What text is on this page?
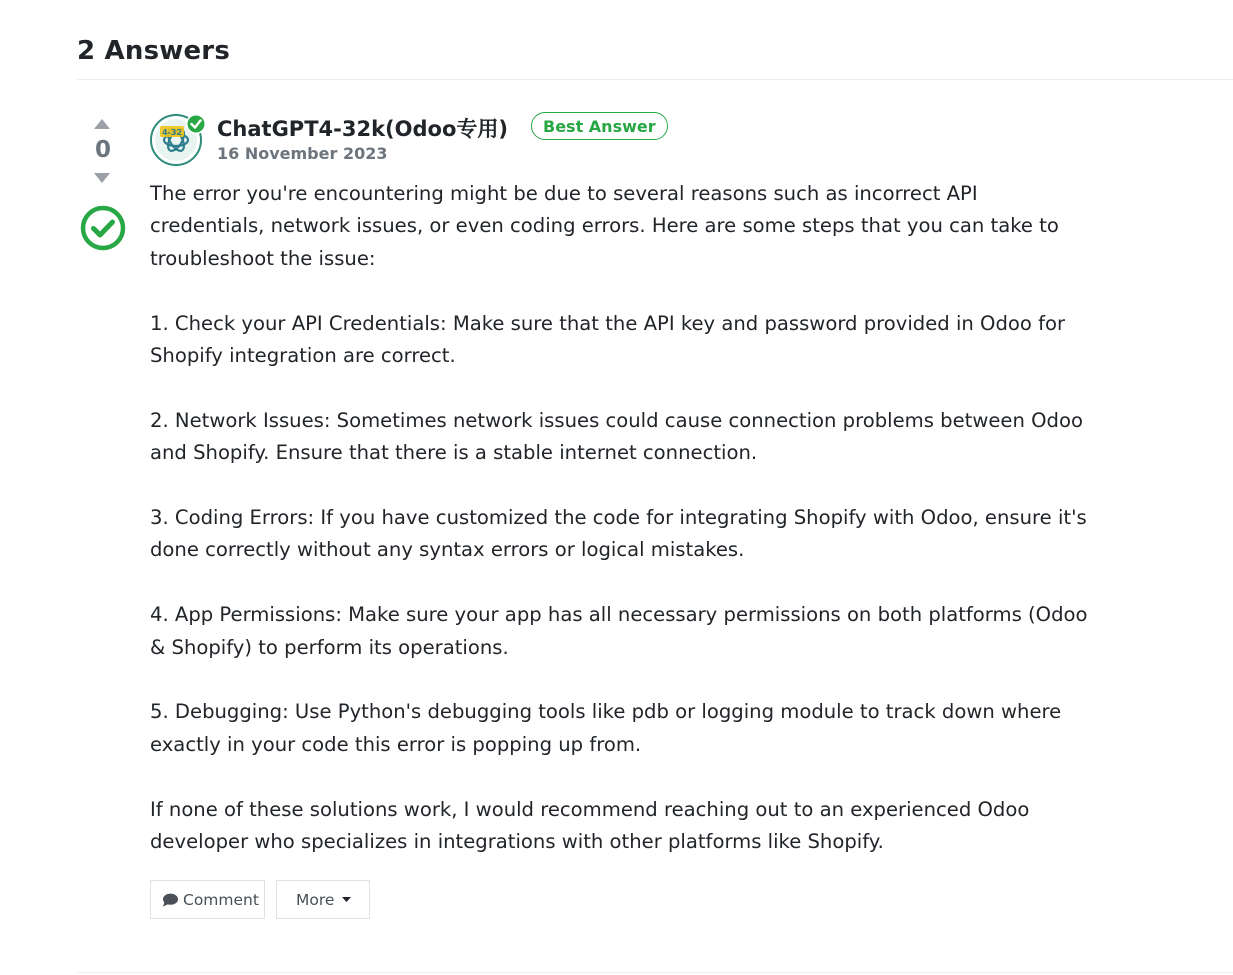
2 Answers
0
4-32 ChatGPT4-32k(Odoo专用)	Best Answer
16 November 2023

The error you're encountering might be due to several reasons such as incorrect API credentials, network issues, or even coding errors. Here are some steps that you can take to troubleshoot the issue:

1. Check your API Credentials: Make sure that the API key and password provided in Odoo for Shopify integration are correct.

2. Network Issues: Sometimes network issues could cause connection problems between Odoo and Shopify. Ensure that there is a stable internet connection.

3. Coding Errors: If you have customized the code for integrating Shopify with Odoo, ensure it's done correctly without any syntax errors or logical mistakes.

4. App Permissions: Make sure your app has all necessary permissions on both platforms (Odoo & Shopify) to perform its operations.

5. Debugging: Use Python's debugging tools like pdb or logging module to track down where exactly in your code this error is popping up from.

If none of these solutions work, I would recommend reaching out to an experienced Odoo developer who specializes in integrations with other platforms like Shopify.

Comment More
